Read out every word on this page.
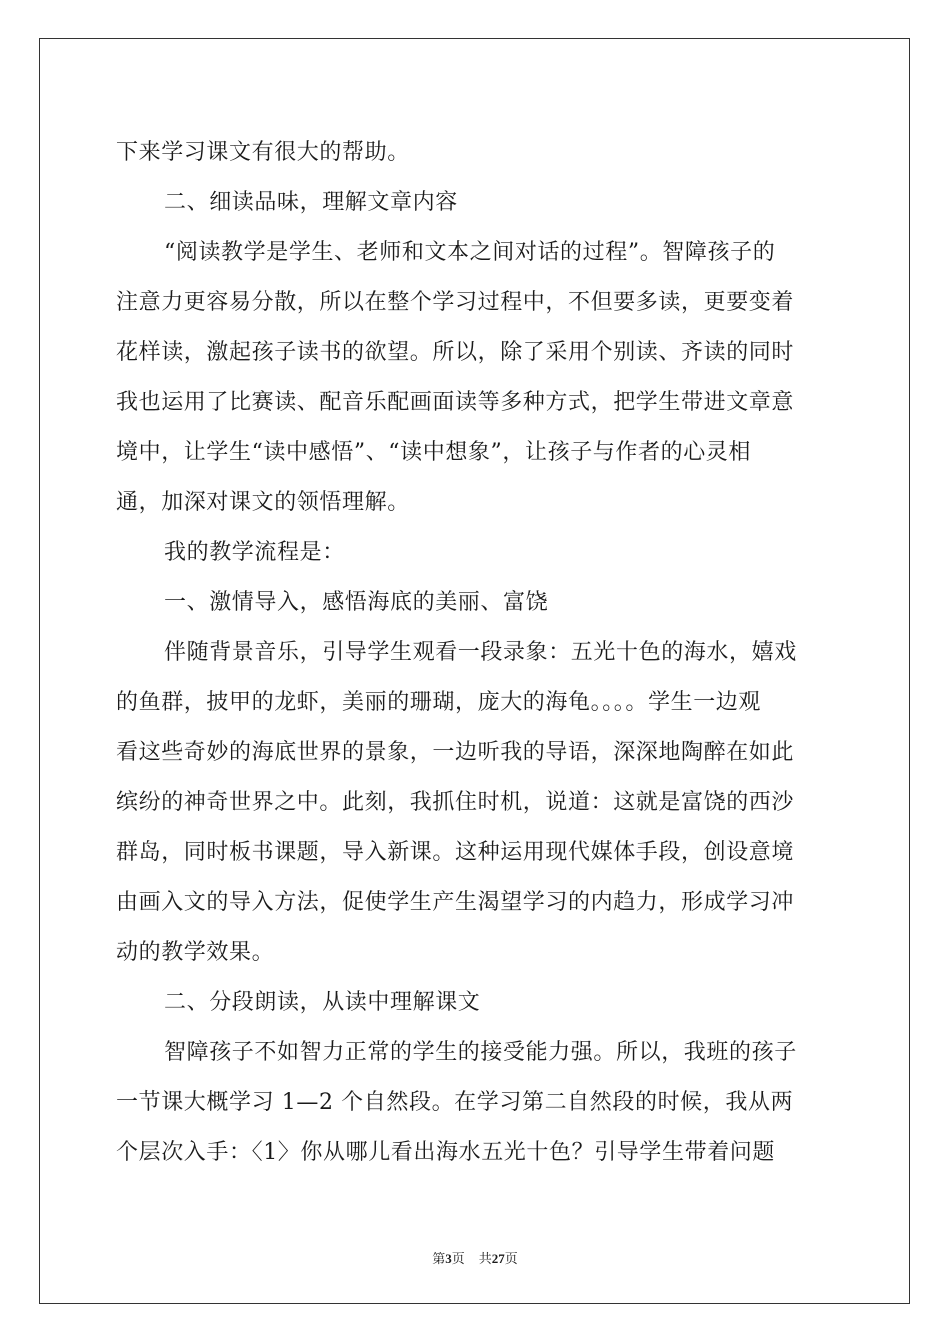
下来学习课文有很大的帮助。
二、细读品味，理解文章内容
“阅读教学是学生、老师和文本之间对话的过程”。智障孩子的
注意力更容易分散，所以在整个学习过程中，不但要多读，更要变着
花样读，激起孩子读书的欲望。所以，除了采用个别读、齐读的同时
我也运用了比赛读、配音乐配画面读等多种方式，把学生带进文章意
境中，让学生“读中感悟”、“读中想象”，让孩子与作者的心灵相
通，加深对课文的领悟理解。
我的教学流程是：
一、激情导入，感悟海底的美丽、富饶
伴随背景音乐，引导学生观看一段录象：五光十色的海水，嬉戏
的鱼群，披甲的龙虾，美丽的珊瑚，庞大的海龟。。。。学生一边观
看这些奇妙的海底世界的景象，一边听我的导语，深深地陶醉在如此
缤纷的神奇世界之中。此刻，我抓住时机，说道：这就是富饶的西沙
群岛，同时板书课题，导入新课。这种运用现代媒体手段，创设意境
由画入文的导入方法，促使学生产生渴望学习的内趋力，形成学习冲
动的教学效果。
二、分段朗读，从读中理解课文
智障孩子不如智力正常的学生的接受能力强。所以，我班的孩子
一节课大概学习 1—2 个自然段。在学习第二自然段的时候，我从两
个层次入手：〈1〉你从哪儿看出海水五光十色？引导学生带着问题
第3页 共27页
